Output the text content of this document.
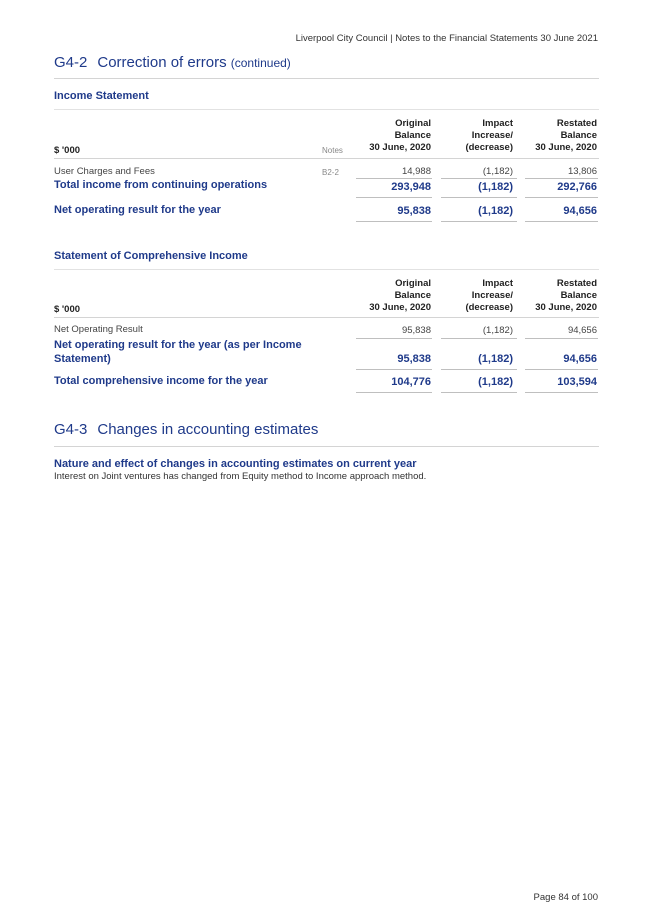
Liverpool City Council | Notes to the Financial Statements 30 June 2021
G4-2 Correction of errors (continued)
Income Statement
Original
Balance
30 June, 2020
Impact
Increase/
(decrease)
Restated
Balance
30 June, 2020
$ '000	Notes
User Charges and Fees	B2-2	14,988	(1,182)	13,806
Total income from continuing operations	293,948	(1,182)	292,766
Net operating result for the year	95,838	(1,182)	94,656
Statement of Comprehensive Income
Original
Balance
30 June, 2020
Impact
Increase/
(decrease)
Restated
Balance
30 June, 2020
$ '000
Net Operating Result	95,838	(1,182)	94,656
Net operating result for the year (as per Income
Statement)	95,838	(1,182)	94,656
Total comprehensive income for the year	104,776	(1,182)	103,594
G4-3 Changes in accounting estimates
Nature and effect of changes in accounting estimates on current year
Interest on Joint ventures has changed from Equity method to Income approach method.
Page 84 of 100
